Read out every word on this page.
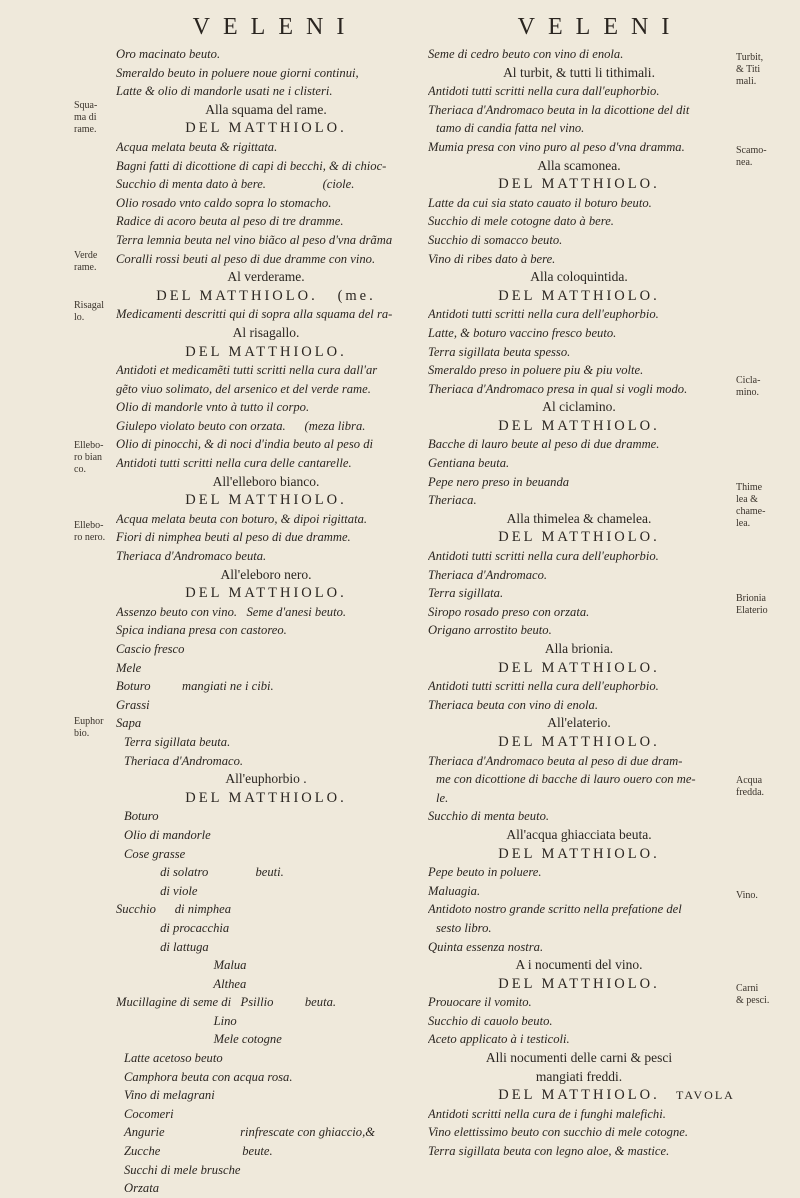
VELENI	VELENI
Squa-
ma di
rame.
Verde
rame.
Risagal
lo.
Ellebo-
ro bian
co.
Ellebo-
ro nero.
Euphor
bio.
Turbit,
& Titi
mali.
Scamo-
nea.
Cicla-
mino.
Thime
lea &
chame-
lea.
Brionia
Elaterio
Acqua
fredda.
Vino.
Carni
& pesci.
Oro macinato beuto.
Smeraldo beuto in poluere noue giorni continui,
Latte & olio di mandorle usati ne i clisteri.
Alla squama del rame.
DEL MATTHIOLO.
Acqua melata beuta & rigittata.
Bagni fatti di dicottione di capi di becchi, & di chioc-
Succhio di menta dato à bere.                  (ciole.
Olio rosado vnto caldo sopra lo stomacho.
Radice di acoro beuta al peso di tre dramme.
Terra lemnia beuta nel vino biãco al peso d'vna drãma
Coralli rossi beuti al peso di due dramme con vino.
Al verderame.
DEL MATTHIOLO.   (me.
Medicamenti descritti qui di sopra alla squama del ra-
Al risagallo.
DEL MATTHIOLO.
Antidoti et medicamẽti tutti scritti nella cura dall'ar
gẽto viuo solimato, del arsenico et del verde rame.
Olio di mandorle vnto à tutto il corpo.
Giulepo violato beuto con orzata.      (meza libra.
Olio di pinocchi, & di noci d'india beuto al peso di
Antidoti tutti scritti nella cura delle cantarelle.
All'elleboro bianco.
DEL MATTHIOLO.
Acqua melata beuta con boturo, & dipoi rigittata.
Fiori di nimphea beuti al peso di due dramme.
Theriaca d'Andromaco beuta.
All'eleboro nero.
DEL MATTHIOLO.
Assenzo beuto con vino.   Seme d'anesi beuto.
Spica indiana presa con castoreo.
Cascio fresco
Mele
Boturo          mangiati ne i cibi.
Grassi
Sapa
Terra sigillata beuta.
Theriaca d'Andromaco.
All'euphorbio .
DEL MATTHIOLO.
Boturo
Olio di mandorle
Cose grasse
di solatro               beuti.
di viole
Succhio      di nimphea
di procacchia
di lattuga
Malua
Althea
Mucillagine di seme di   Psillio          beuta.
Lino
Mele cotogne
Latte acetoso beuto
Camphora beuta con acqua rosa.
Vino di melagrani
Cocomeri
Angurie                        rinfrescate con ghiaccio,&
Zucche                          beute.
Succhi di mele brusche
Orzata
Seme di cedro beuto con vino di enola.
Al turbit, & tutti li tithimali.
Antidoti tutti scritti nella cura dall'euphorbio.
Theriaca d'Andromaco beuta in la dicottione del dit
tamo di candia fatta nel vino.
Mumia presa con vino puro al peso d'vna dramma.
Alla scamonea.
DEL MATTHIOLO.
Latte da cui sia stato cauato il boturo beuto.
Succhio di mele cotogne dato à bere.
Succhio di somacco beuto.
Vino di ribes dato à bere.
Alla coloquintida.
DEL MATTHIOLO.
Antidoti tutti scritti nella cura dell'euphorbio.
Latte, & boturo vaccino fresco beuto.
Terra sigillata beuta spesso.
Smeraldo preso in poluere piu & piu volte.
Theriaca d'Andromaco presa in qual si vogli modo.
Al ciclamino.
DEL MATTHIOLO.
Bacche di lauro beute al peso di due dramme.
Gentiana beuta.
Pepe nero preso in beuanda
Theriaca.
Alla thimelea & chamelea.
DEL MATTHIOLO.
Antidoti tutti scritti nella cura dell'euphorbio.
Theriaca d'Andromaco.
Terra sigillata.
Siropo rosado preso con orzata.
Origano arrostito beuto.
Alla brionia.
DEL MATTHIOLO.
Antidoti tutti scritti nella cura dell'euphorbio.
Theriaca beuta con vino di enola.
All'elaterio.
DEL MATTHIOLO.
Theriaca d'Andromaco beuta al peso di due dram-
me con dicottione di bacche di lauro ouero con me-
le.
Succhio di menta beuto.
All'acqua ghiacciata beuta.
DEL MATTHIOLO.
Pepe beuto in poluere.
Maluagia.
Antidoto nostro grande scritto nella prefatione del
sesto libro.
Quinta essenza nostra.
A i nocumenti del vino.
DEL MATTHIOLO.
Prouocare il vomito.
Succhio di cauolo beuto.
Aceto applicato à i testicoli.
Alli nocumenti delle carni & pesci
mangiati freddi.
DEL MATTHIOLO.
Antidoti scritti nella cura de i funghi malefichi.
Vino elettissimo beuto con succhio di mele cotogne.
Terra sigillata beuta con legno aloe, & mastice.
TAVOLA
